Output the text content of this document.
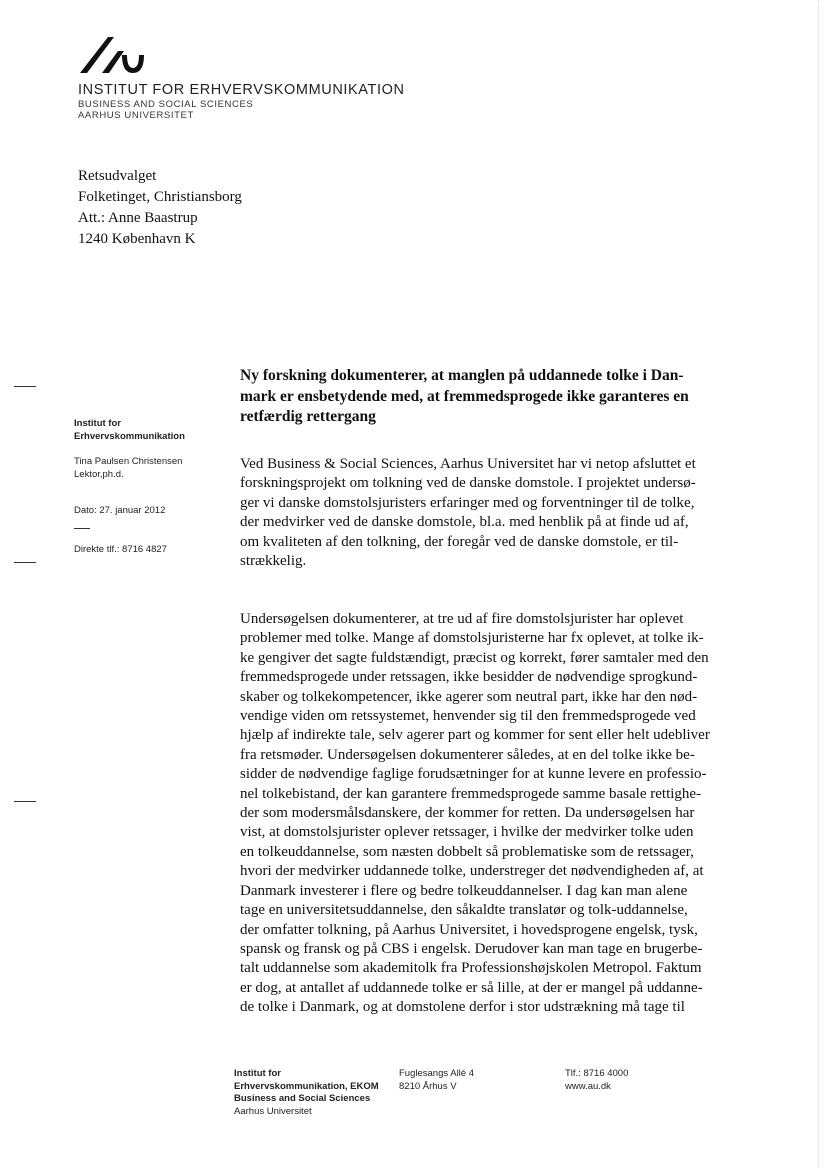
INSTITUT FOR ERHVERVSKOMMUNIKATION
BUSINESS AND SOCIAL SCIENCES
AARHUS UNIVERSITET
Retsudvalget
Folketinget, Christiansborg
Att.: Anne Baastrup
1240 København K
Institut for
Erhvervskommunikation
Tina Paulsen Christensen
Lektor,ph.d.
Dato: 27. januar 2012
Direkte tlf.: 8716 4827
Ny forskning dokumenterer, at manglen på uddannede tolke i Dan-
mark er ensbetydende med, at fremmedsprogede ikke garanteres en
retfærdig rettergang
Ved Business & Social Sciences, Aarhus Universitet har vi netop afsluttet et
forskningsprojekt om tolkning ved de danske domstole. I projektet undersø-
ger vi danske domstolsjuristers erfaringer med og forventninger til de tolke,
der medvirker ved de danske domstole, bl.a. med henblik på at finde ud af,
om kvaliteten af den tolkning, der foregår ved de danske domstole, er til-
strækkelig.
Undersøgelsen dokumenterer, at tre ud af fire domstolsjurister har oplevet
problemer med tolke. Mange af domstolsjuristerne har fx oplevet, at tolke ik-
ke gengiver det sagte fuldstændigt, præcist og korrekt, fører samtaler med den
fremmedsprogede under retssagen, ikke besidder de nødvendige sprogkund-
skaber og tolkekompetencer, ikke agerer som neutral part, ikke har den nød-
vendige viden om retssystemet, henvender sig til den fremmedsprogede ved
hjælp af indirekte tale, selv agerer part og kommer for sent eller helt udebliver
fra retsmøder. Undersøgelsen dokumenterer således, at en del tolke ikke be-
sidder de nødvendige faglige forudsætninger for at kunne levere en professio-
nel tolkebistand, der kan garantere fremmedsprogede samme basale rettighe-
der som modersmålsdanskere, der kommer for retten. Da undersøgelsen har
vist, at domstolsjurister oplever retssager, i hvilke der medvirker tolke uden
en tolkeuddannelse, som næsten dobbelt så problematiske som de retssager,
hvori der medvirker uddannede tolke, understreger det nødvendigheden af, at
Danmark investerer i flere og bedre tolkeuddannelser. I dag kan man alene
tage en universitetsuddannelse, den såkaldte translatør og tolk-uddannelse,
der omfatter tolkning, på Aarhus Universitet, i hovedsprogene engelsk, tysk,
spansk og fransk og på CBS i engelsk. Derudover kan man tage en brugerbe-
talt uddannelse som akademitolk fra Professionshøjskolen Metropol. Faktum
er dog, at antallet af uddannede tolke er så lille, at der er mangel på uddanne-
de tolke i Danmark, og at domstolene derfor i stor udstrækning må tage til
Institut for
Erhvervskommunikation, EKOM
Business and Social Sciences
Aarhus Universitet
Fuglesangs Allé 4
8210 Århus V
Tlf.: 8716 4000
www.au.dk
